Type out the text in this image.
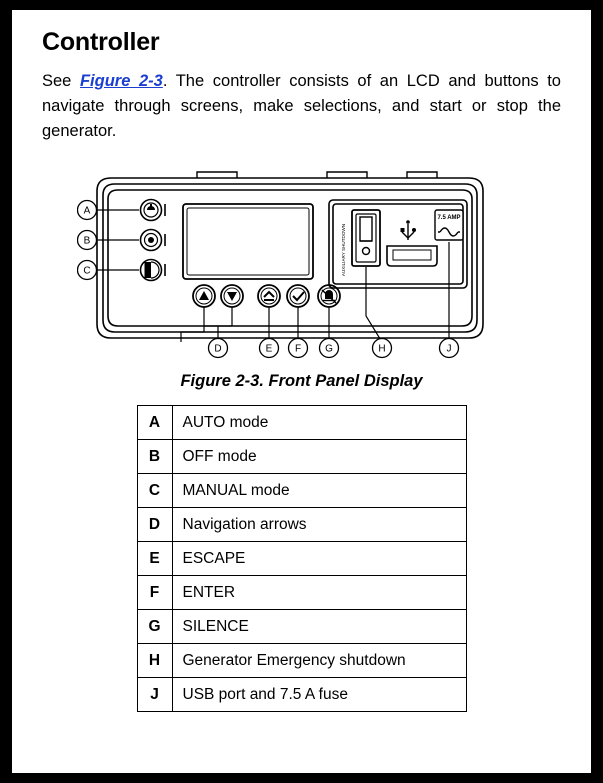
Controller

See Figure 2-3. The controller consists of an LCD and buttons to navigate through screens, make selections, and start or stop the generator.

AUXILIARY SHUTDOWN
7.5 AMP
A
B
C
D	E F G	H	J
Figure 2-3. Front Panel Display
A	AUTO mode
B	OFF mode
C	MANUAL mode
D	Navigation arrows
E	ESCAPE
F	ENTER
G	SILENCE
H	Generator Emergency shutdown
J	USB port and 7.5 A fuse
